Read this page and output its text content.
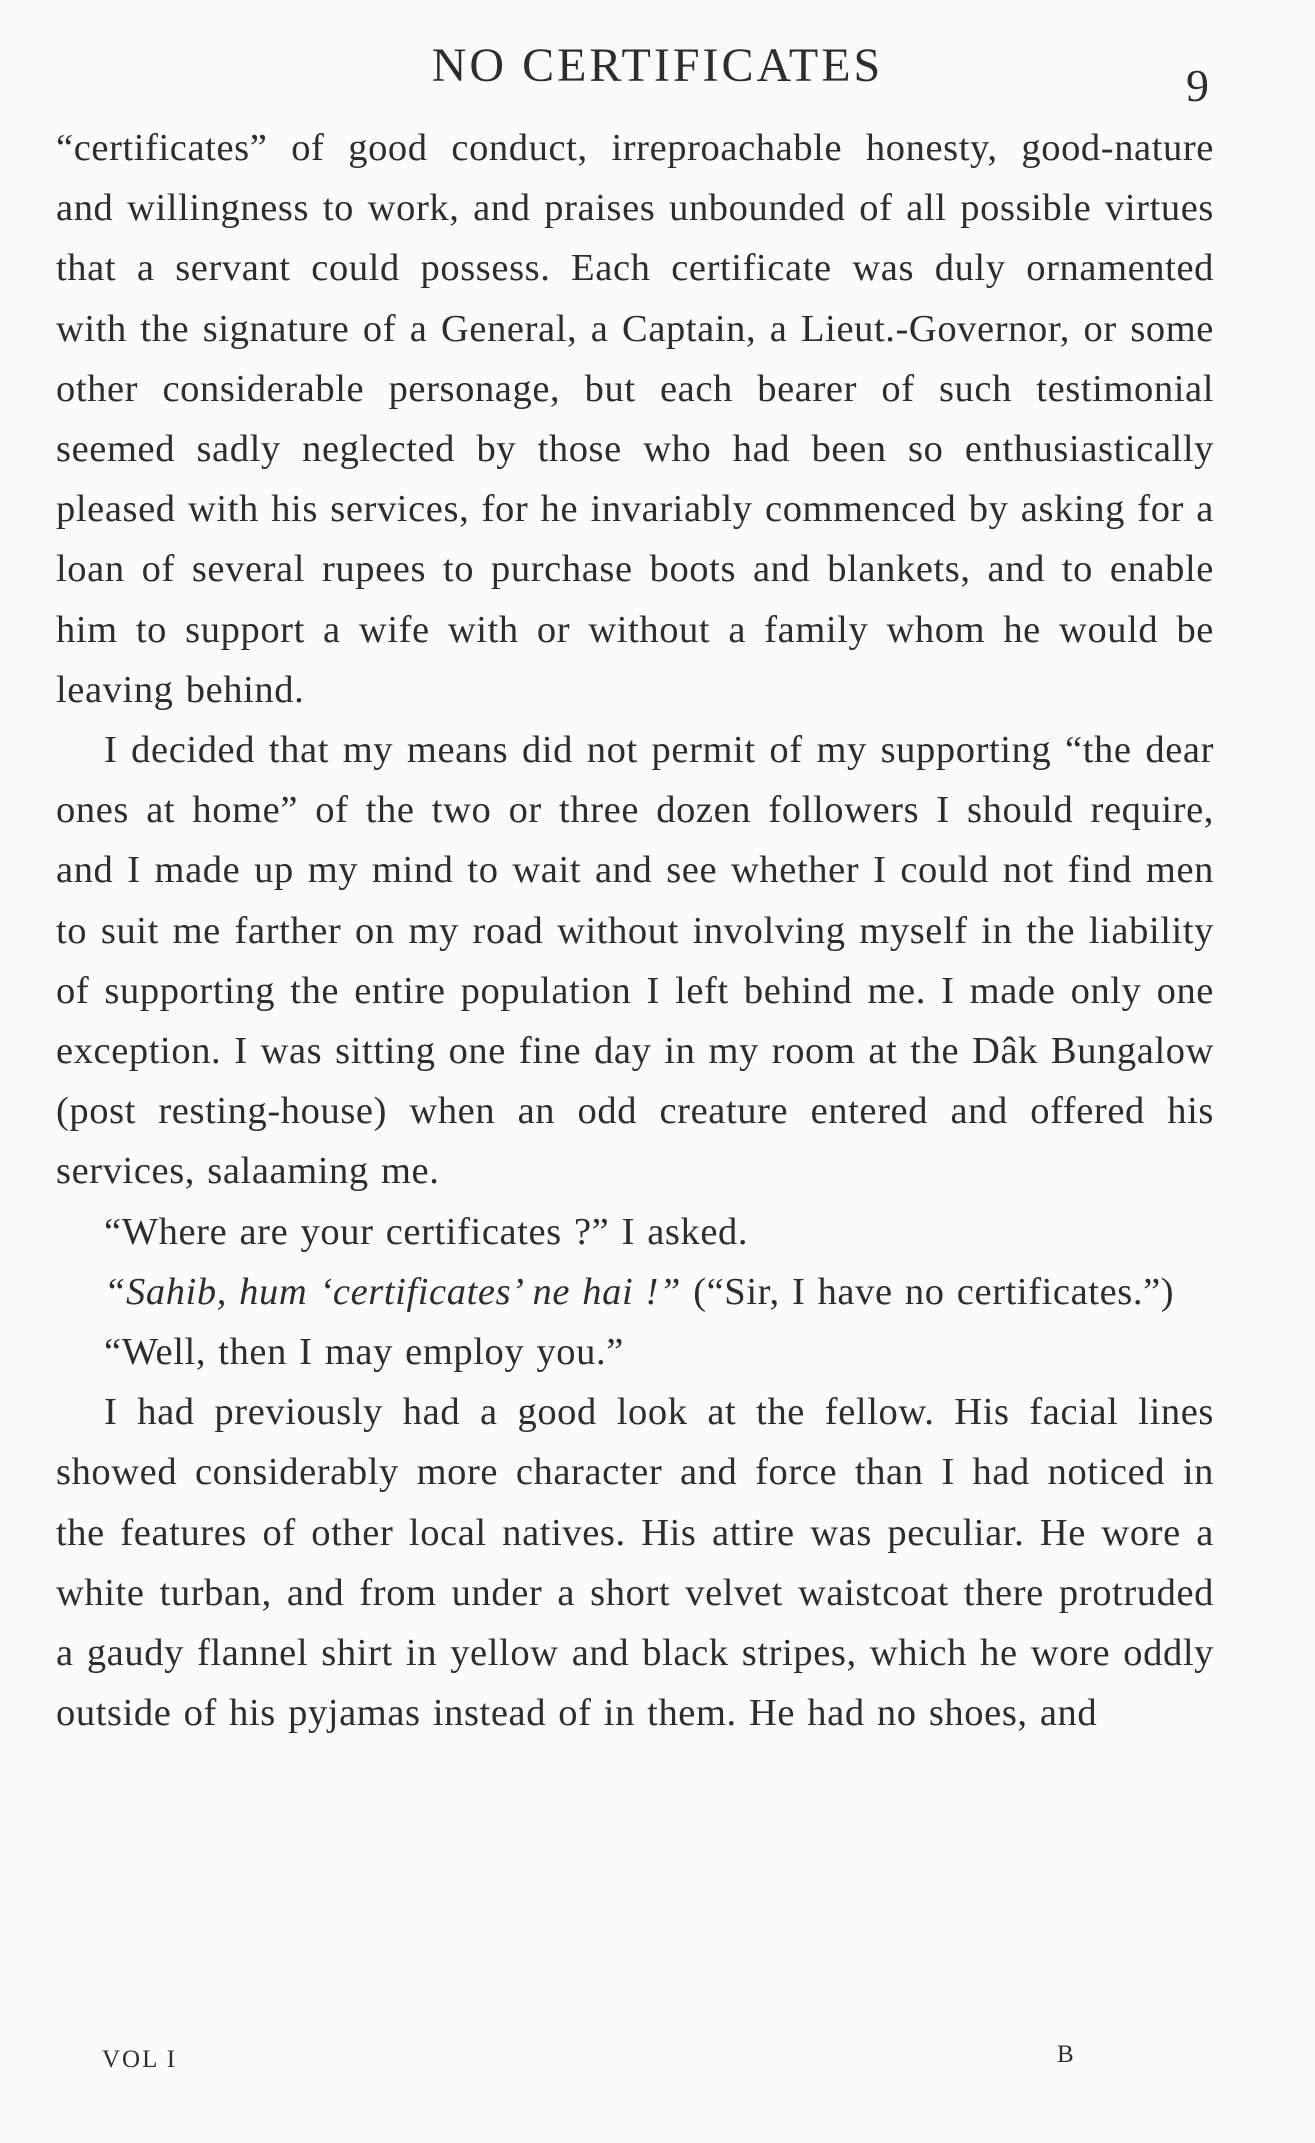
NO CERTIFICATES	9

“certificates” of good conduct, irreproachable honesty, good-nature and willingness to work, and praises unbounded of all possible virtues that a servant could possess. Each certificate was duly ornamented with the signature of a General, a Captain, a Lieut.-Governor, or some other considerable personage, but each bearer of such testimonial seemed sadly neglected by those who had been so enthusiastically pleased with his services, for he invariably commenced by asking for a loan of several rupees to purchase boots and blankets, and to enable him to support a wife with or without a family whom he would be leaving behind.

I decided that my means did not permit of my supporting “the dear ones at home” of the two or three dozen followers I should require, and I made up my mind to wait and see whether I could not find men to suit me farther on my road without involving myself in the liability of supporting the entire population I left behind me. I made only one exception. I was sitting one fine day in my room at the Dâk Bungalow (post resting-house) when an odd creature entered and offered his services, salaaming me.

“Where are your certificates ?” I asked.

“Sahib, hum ‘certificates’ ne hai !” (“Sir, I have no certificates.”)

“Well, then I may employ you.”

I had previously had a good look at the fellow. His facial lines showed considerably more character and force than I had noticed in the features of other local natives. His attire was peculiar. He wore a white turban, and from under a short velvet waistcoat there protruded a gaudy flannel shirt in yellow and black stripes, which he wore oddly outside of his pyjamas instead of in them. He had no shoes, and

VOL I	B
